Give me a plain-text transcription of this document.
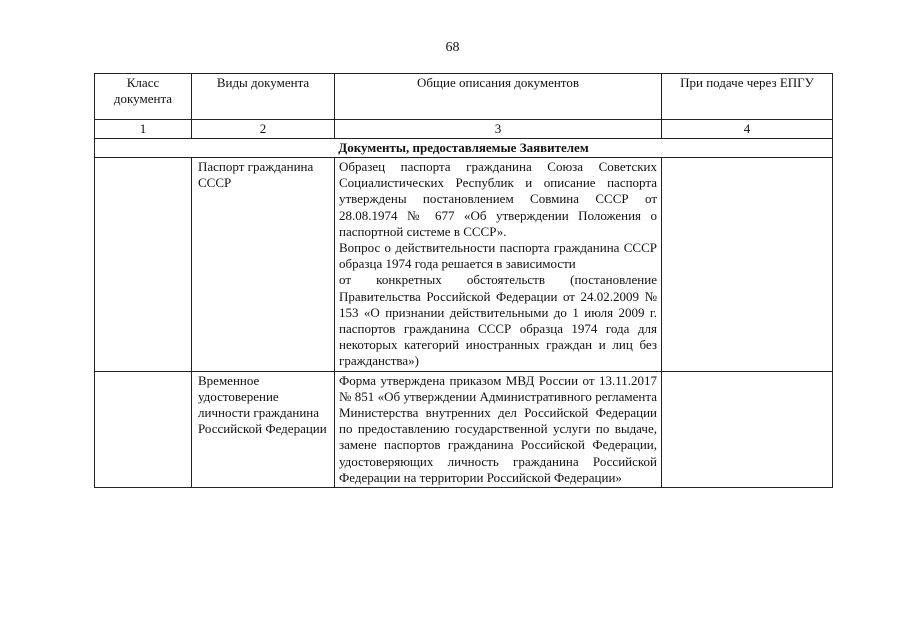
68
Класс документа	Виды документа	Общие описания документов	При подаче через ЕПГУ
1	2	3	4
Документы, предоставляемые Заявителем			
	Паспорт гражданина СССР	Образец паспорта гражданина Союза Советских Социалистических Республик и описание паспорта утверждены постановлением Совмина СССР от 28.08.1974 № 677 «Об утверждении Положения о паспортной системе в СССР».

Вопрос о действительности паспорта гражданина СССР образца 1974 года решается в зависимости

от конкретных обстоятельств (постановление Правительства Российской Федерации от 24.02.2009 № 153 «О признании действительными до 1 июля 2009 г. паспортов гражданина СССР образца 1974 года для некоторых категорий иностранных граждан и лиц без гражданства»)	

	Временное удостоверение личности гражданина Российской Федерации	Форма утверждена приказом МВД России от 13.11.2017 № 851 «Об утверждении Административного регламента Министерства внутренних дел Российской Федерации по предоставлению государственной услуги по выдаче, замене паспортов гражданина Российской Федерации, удостоверяющих личность гражданина Российской Федерации на территории Российской Федерации»	
